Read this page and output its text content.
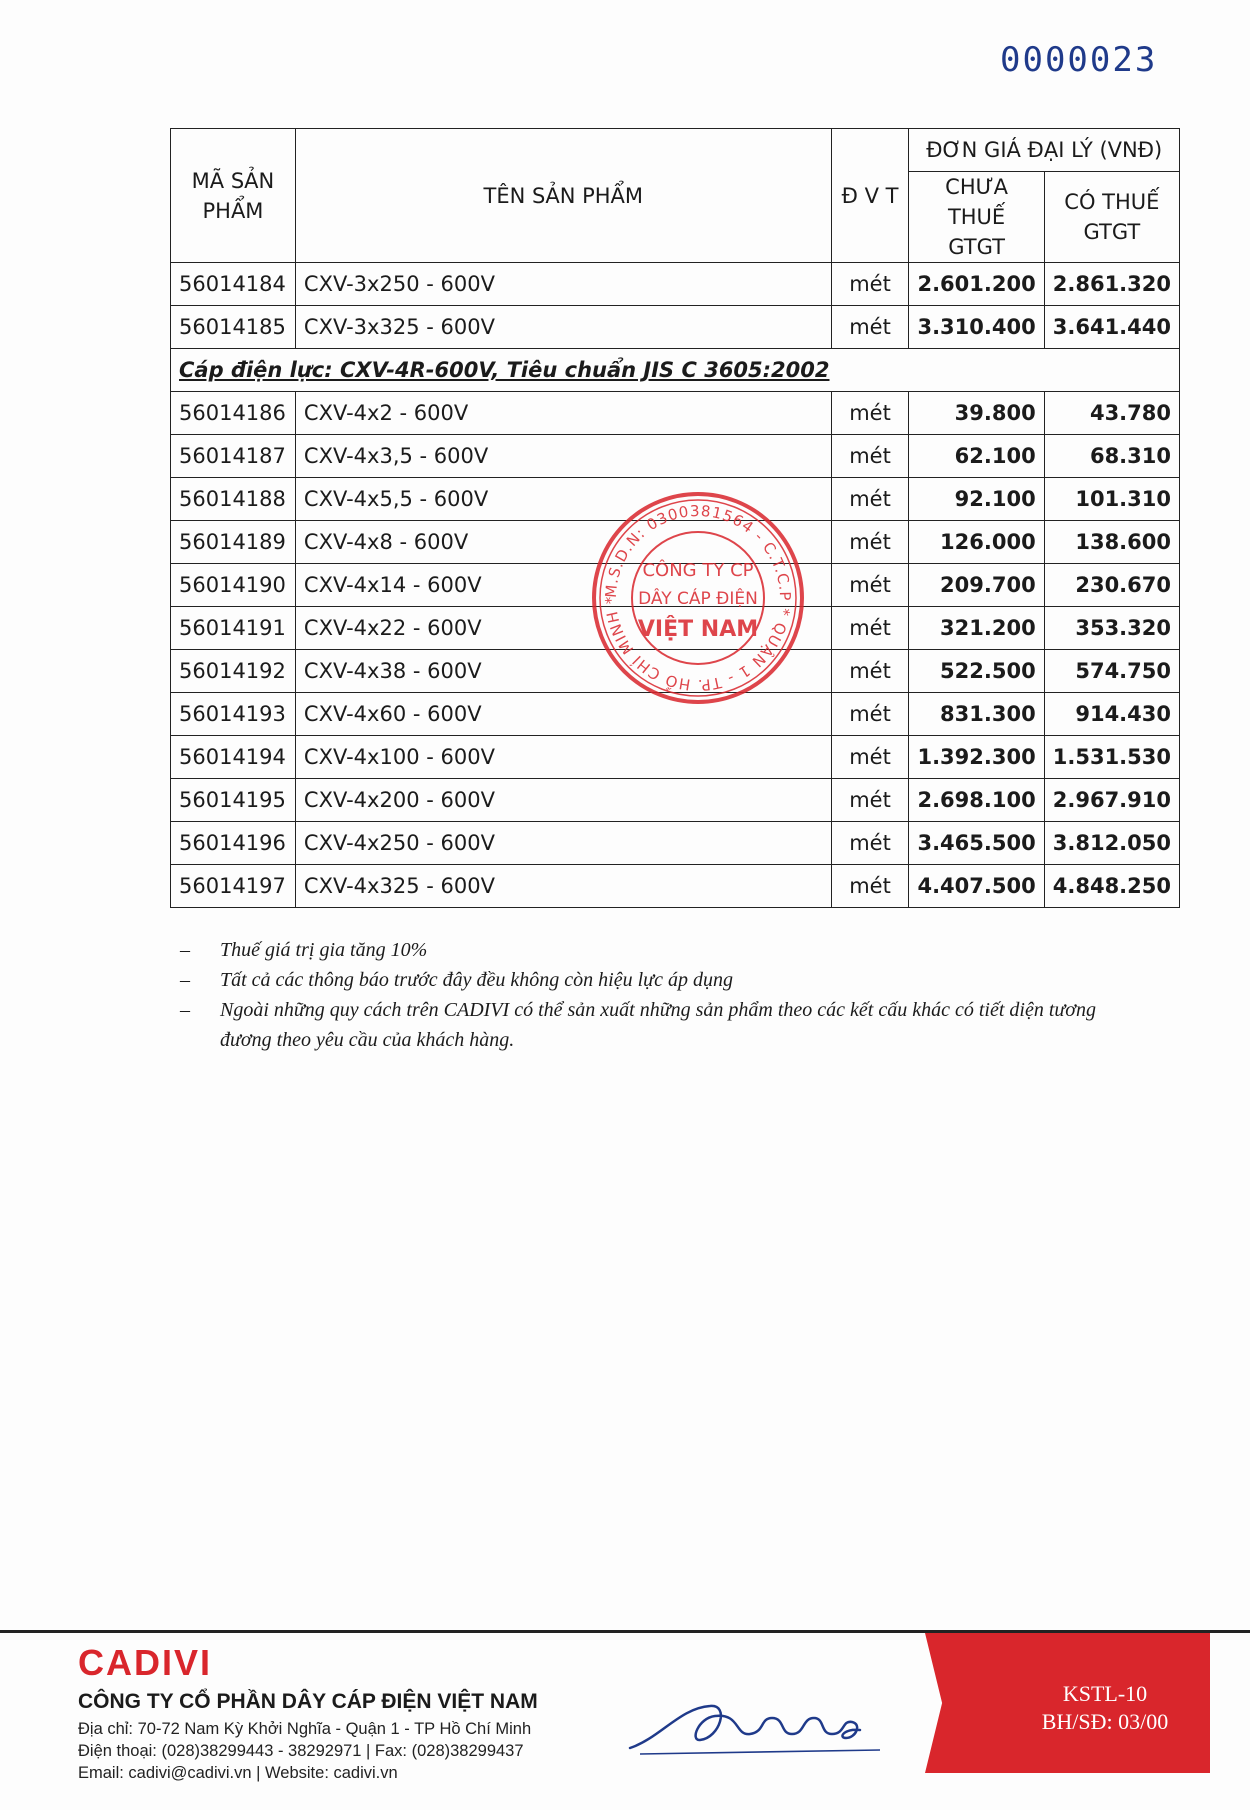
0000023
MÃ SẢN PHẨM	TÊN SẢN PHẨM	Đ V T	ĐƠN GIÁ ĐẠI LÝ (VNĐ)	
			CHƯA THUẾ GTGT	CÓ THUẾ GTGT
56014184	CXV-3x250 - 600V	mét	2.601.200	2.861.320
56014185	CXV-3x325 - 600V	mét	3.310.400	3.641.440
Cáp điện lực: CXV-4R-600V, Tiêu chuẩn JIS C 3605:2002				
56014186	CXV-4x2 - 600V	mét	39.800	43.780
56014187	CXV-4x3,5 - 600V	mét	62.100	68.310
56014188	CXV-4x5,5 - 600V	mét	92.100	101.310
56014189	CXV-4x8 - 600V	mét	126.000	138.600
56014190	CXV-4x14 - 600V	mét	209.700	230.670
56014191	CXV-4x22 - 600V	mét	321.200	353.320
56014192	CXV-4x38 - 600V	mét	522.500	574.750
56014193	CXV-4x60 - 600V	mét	831.300	914.430
56014194	CXV-4x100 - 600V	mét	1.392.300	1.531.530
56014195	CXV-4x200 - 600V	mét	2.698.100	2.967.910
56014196	CXV-4x250 - 600V	mét	3.465.500	3.812.050
56014197	CXV-4x325 - 600V	mét	4.407.500	4.848.250
M.S.D.N: 0300381564 - C.T.C.P * QUẬN 1 - TP. HỒ CHÍ MINH *
CÔNG TY CP
DÂY CÁP ĐIỆN
VIỆT NAM
– Thuế giá trị gia tăng 10%
– Tất cả các thông báo trước đây đều không còn hiệu lực áp dụng
– Ngoài những quy cách trên CADIVI có thể sản xuất những sản phẩm theo các kết cấu khác có tiết diện tương đương theo yêu cầu của khách hàng.
KSTL-10
BH/SĐ: 03/00
CADIVI
CÔNG TY CỔ PHẦN DÂY CÁP ĐIỆN VIỆT NAM
Địa chỉ: 70-72 Nam Kỳ Khởi Nghĩa - Quận 1 - TP Hồ Chí Minh
Điện thoại: (028)38299443 - 38292971 | Fax: (028)38299437
Email: cadivi@cadivi.vn | Website: cadivi.vn
